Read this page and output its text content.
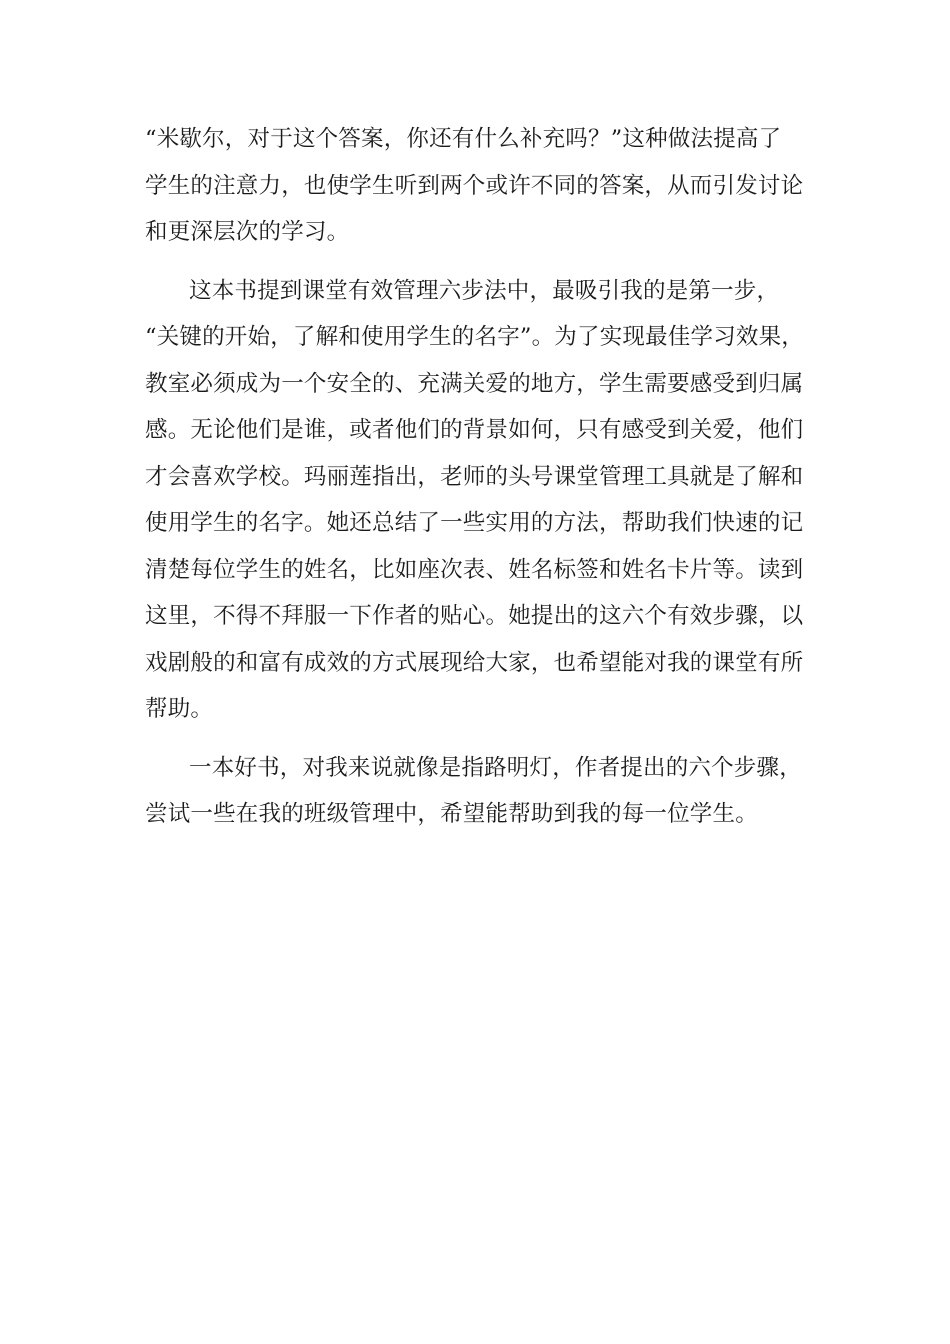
“米歇尔，对于这个答案，你还有什么补充吗？”这种做法提高了
学生的注意力，也使学生听到两个或许不同的答案，从而引发讨论
和更深层次的学习。

这本书提到课堂有效管理六步法中，最吸引我的是第一步，
“关键的开始，了解和使用学生的名字”。为了实现最佳学习效果，
教室必须成为一个安全的、充满关爱的地方，学生需要感受到归属
感。无论他们是谁，或者他们的背景如何，只有感受到关爱，他们
才会喜欢学校。玛丽莲指出，老师的头号课堂管理工具就是了解和
使用学生的名字。她还总结了一些实用的方法，帮助我们快速的记
清楚每位学生的姓名，比如座次表、姓名标签和姓名卡片等。读到
这里，不得不拜服一下作者的贴心。她提出的这六个有效步骤，以
戏剧般的和富有成效的方式展现给大家，也希望能对我的课堂有所
帮助。

一本好书，对我来说就像是指路明灯，作者提出的六个步骤，
尝试一些在我的班级管理中，希望能帮助到我的每一位学生。
